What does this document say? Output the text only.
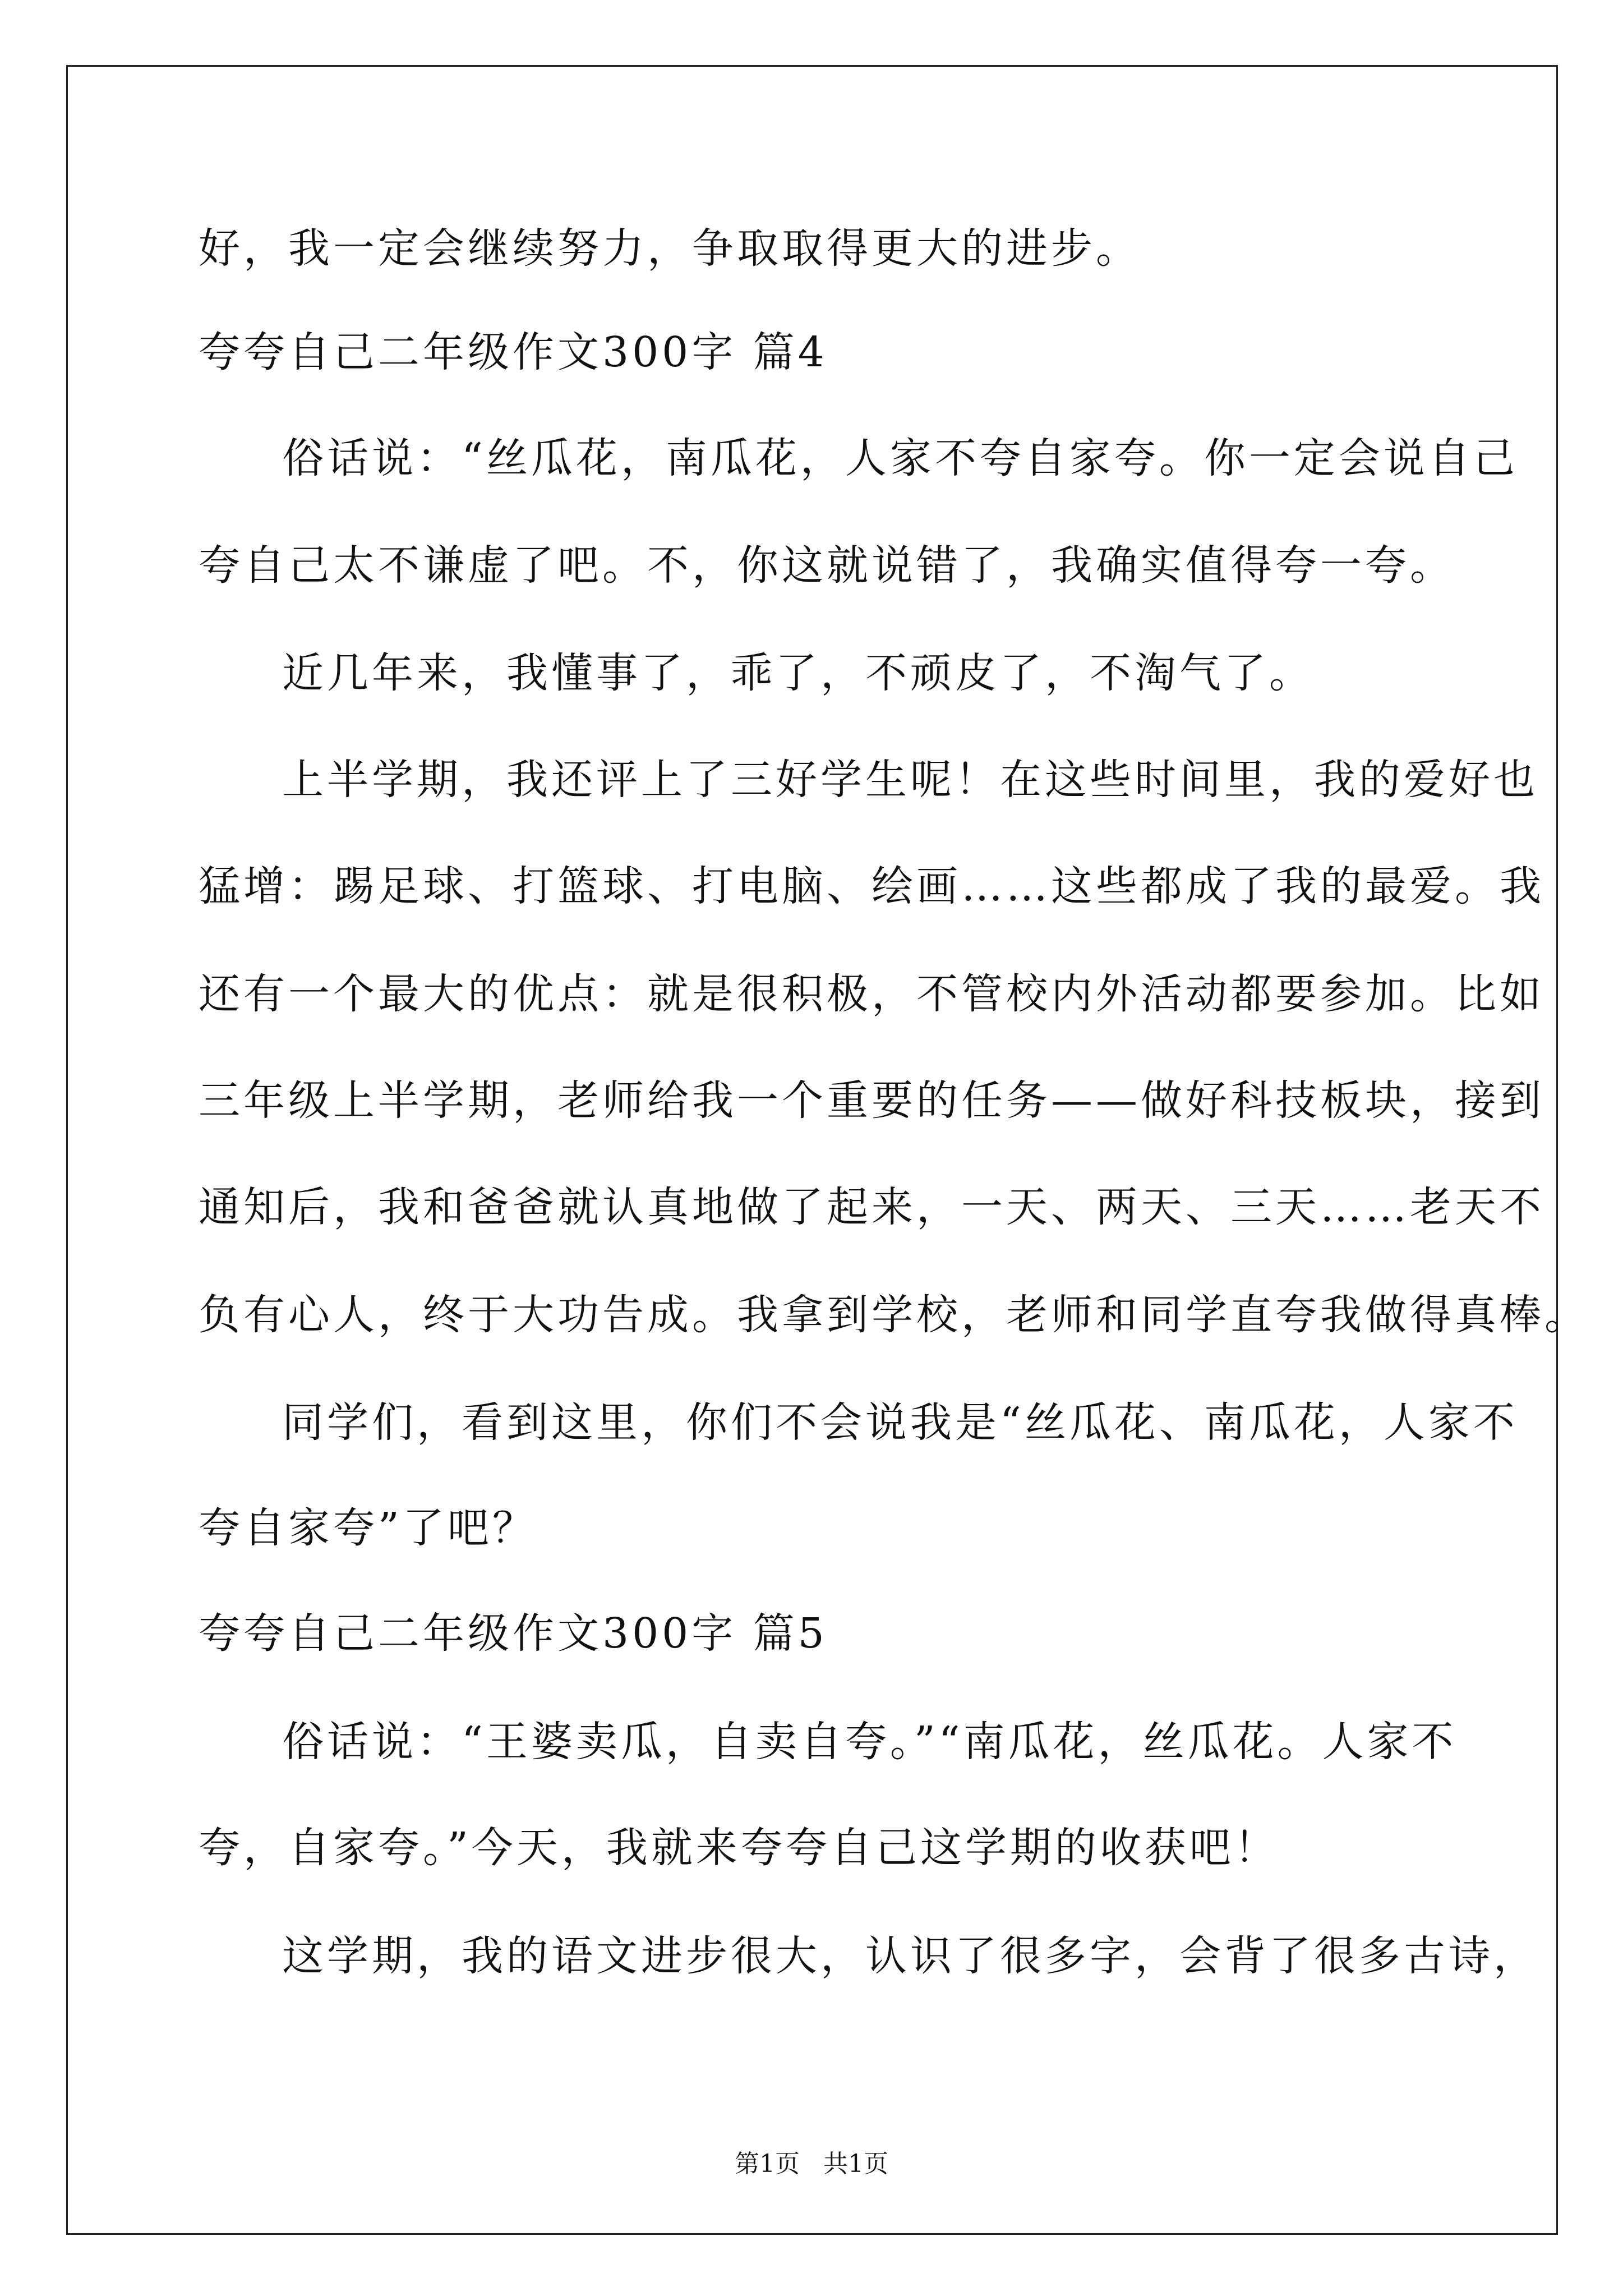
好，我一定会继续努力，争取取得更大的进步。
夸夸自己二年级作文300字 篇4
俗话说：“丝瓜花，南瓜花，人家不夸自家夸。你一定会说自己
夸自己太不谦虚了吧。不，你这就说错了，我确实值得夸一夸。
近几年来，我懂事了，乖了，不顽皮了，不淘气了。
上半学期，我还评上了三好学生呢！在这些时间里，我的爱好也
猛增：踢足球、打篮球、打电脑、绘画……这些都成了我的最爱。我
还有一个最大的优点：就是很积极，不管校内外活动都要参加。比如
三年级上半学期，老师给我一个重要的任务——做好科技板块，接到
通知后，我和爸爸就认真地做了起来，一天、两天、三天……老天不
负有心人，终于大功告成。我拿到学校，老师和同学直夸我做得真棒。
同学们，看到这里，你们不会说我是“丝瓜花、南瓜花，人家不
夸自家夸”了吧？
夸夸自己二年级作文300字 篇5
俗话说：“王婆卖瓜，自卖自夸。”“南瓜花，丝瓜花。人家不
夸，自家夸。”今天，我就来夸夸自己这学期的收获吧！
这学期，我的语文进步很大，认识了很多字，会背了很多古诗，
第1页   共1页
